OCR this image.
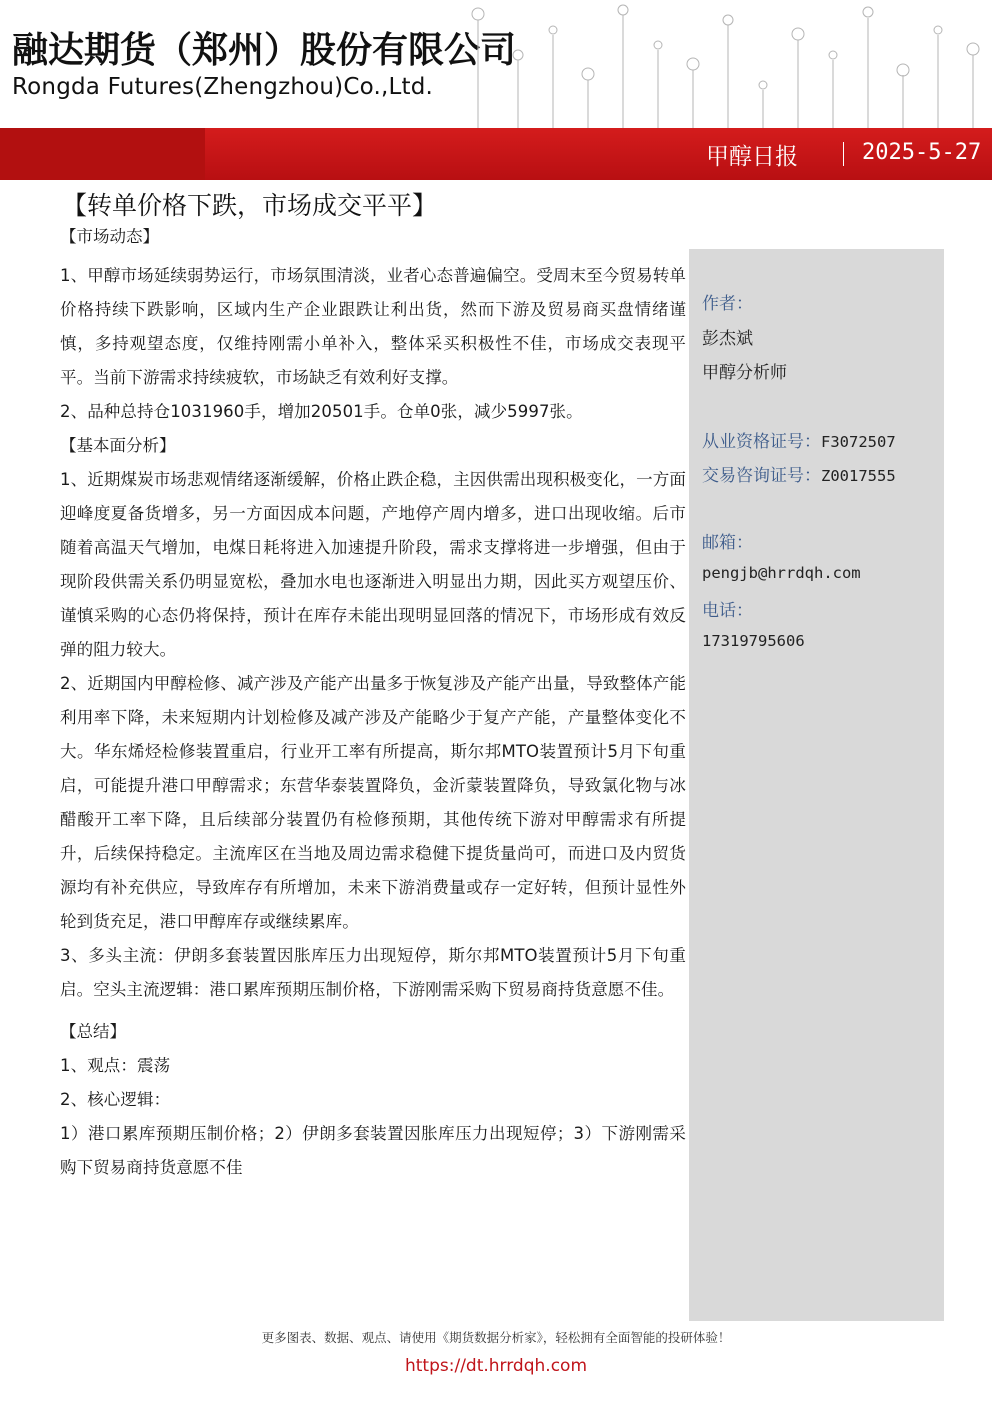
融达期货（郑州）股份有限公司
Rongda Futures(Zhengzhou)Co.,Ltd.
甲醇日报	2025-5-27
【转单价格下跌，市场成交平平】

【市场动态】

1、甲醇市场延续弱势运行，市场氛围清淡，业者心态普遍偏空。受周末至今贸易转单价格持续下跌影响，区域内生产企业跟跌让利出货，然而下游及贸易商买盘情绪谨慎，多持观望态度，仅维持刚需小单补入，整体采买积极性不佳，市场成交表现平平。当前下游需求持续疲软，市场缺乏有效利好支撑。

2、品种总持仓1031960手，增加20501手。仓单0张，减少5997张。

【基本面分析】

1、近期煤炭市场悲观情绪逐渐缓解，价格止跌企稳，主因供需出现积极变化，一方面迎峰度夏备货增多，另一方面因成本问题，产地停产周内增多，进口出现收缩。后市随着高温天气增加，电煤日耗将进入加速提升阶段，需求支撑将进一步增强，但由于现阶段供需关系仍明显宽松，叠加水电也逐渐进入明显出力期，因此买方观望压价、谨慎采购的心态仍将保持，预计在库存未能出现明显回落的情况下，市场形成有效反弹的阻力较大。

2、近期国内甲醇检修、减产涉及产能产出量多于恢复涉及产能产出量，导致整体产能利用率下降，未来短期内计划检修及减产涉及产能略少于复产产能，产量整体变化不大。华东烯烃检修装置重启，行业开工率有所提高，斯尔邦MTO装置预计5月下旬重启，可能提升港口甲醇需求；东营华泰装置降负，金沂蒙装置降负，导致氯化物与冰醋酸开工率下降，且后续部分装置仍有检修预期，其他传统下游对甲醇需求有所提升，后续保持稳定。主流库区在当地及周边需求稳健下提货量尚可，而进口及内贸货源均有补充供应，导致库存有所增加，未来下游消费量或存一定好转，但预计显性外轮到货充足，港口甲醇库存或继续累库。

3、多头主流：伊朗多套装置因胀库压力出现短停，斯尔邦MTO装置预计5月下旬重启。空头主流逻辑：港口累库预期压制价格，下游刚需采购下贸易商持货意愿不佳。

【总结】

1、观点：震荡

2、核心逻辑：

1）港口累库预期压制价格；2）伊朗多套装置因胀库压力出现短停；3）下游刚需采购下贸易商持货意愿不佳

作者：
彭杰斌
甲醇分析师
从业资格证号：F3072507
交易咨询证号：Z0017555
邮箱：
pengjb@hrrdqh.com
电话：
17319795606
更多图表、数据、观点、请使用《期货数据分析家》，轻松拥有全面智能的投研体验！
https://dt.hrrdqh.com
